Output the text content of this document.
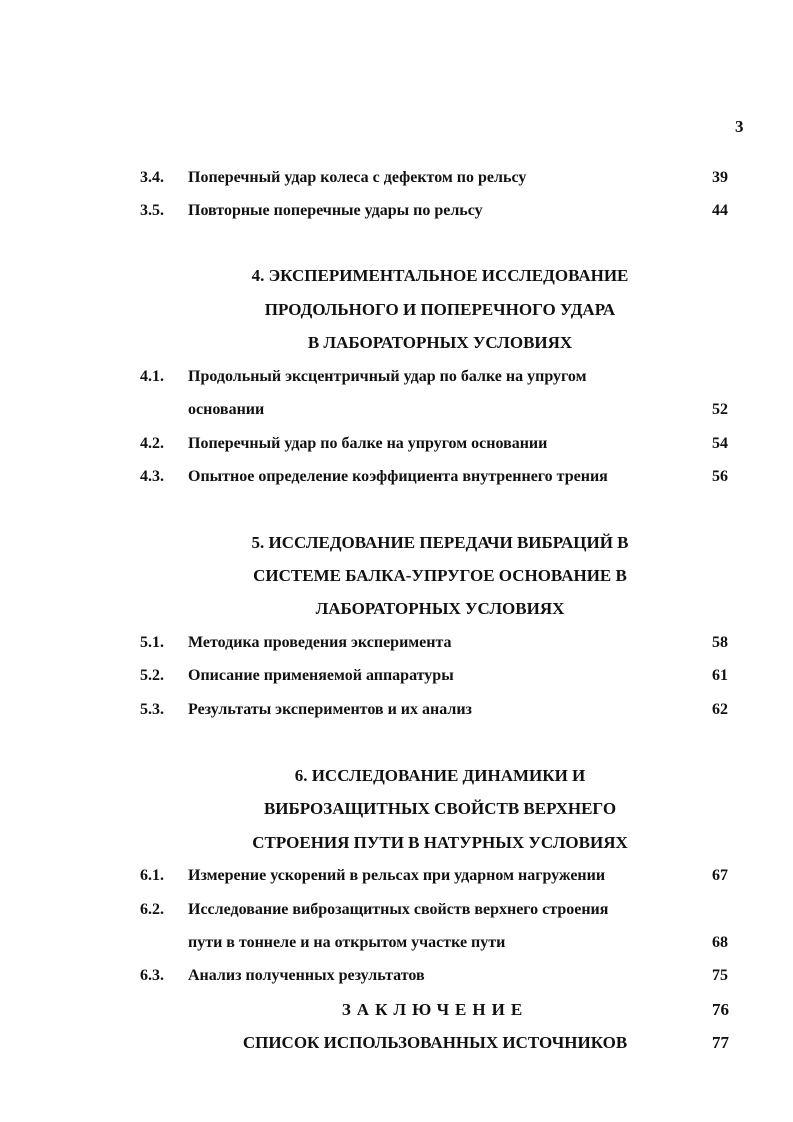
3
3.4. Поперечный удар колеса с дефектом по рельсу	39
3.5. Повторные поперечные удары по рельсу	44
4. ЭКСПЕРИМЕНТАЛЬНОЕ ИССЛЕДОВАНИЕ
ПРОДОЛЬНОГО И ПОПЕРЕЧНОГО УДАРА
В ЛАБОРАТОРНЫХ УСЛОВИЯХ
4.1. Продольный эксцентричный удар по балке на упругом
основании	52
4.2. Поперечный удар по балке на упругом основании	54
4.3. Опытное определение коэффициента внутреннего трения	56
5. ИССЛЕДОВАНИЕ ПЕРЕДАЧИ ВИБРАЦИЙ В
СИСТЕМЕ БАЛКА-УПРУГОЕ ОСНОВАНИЕ В
ЛАБОРАТОРНЫХ УСЛОВИЯХ
5.1. Методика проведения эксперимента	58
5.2. Описание применяемой аппаратуры	61
5.3. Результаты экспериментов и их анализ	62
6. ИССЛЕДОВАНИЕ ДИНАМИКИ И
ВИБРОЗАЩИТНЫХ СВОЙСТВ ВЕРХНЕГО
СТРОЕНИЯ ПУТИ В НАТУРНЫХ УСЛОВИЯХ
6.1. Измерение ускорений в рельсах при ударном нагружении	67
6.2. Исследование виброзащитных свойств верхнего строения
пути в тоннеле и на открытом участке пути	68
6.3. Анализ полученных результатов	75
ЗАКЛЮЧЕНИЕ	76
СПИСОК ИСПОЛЬЗОВАННЫХ ИСТОЧНИКОВ	77
